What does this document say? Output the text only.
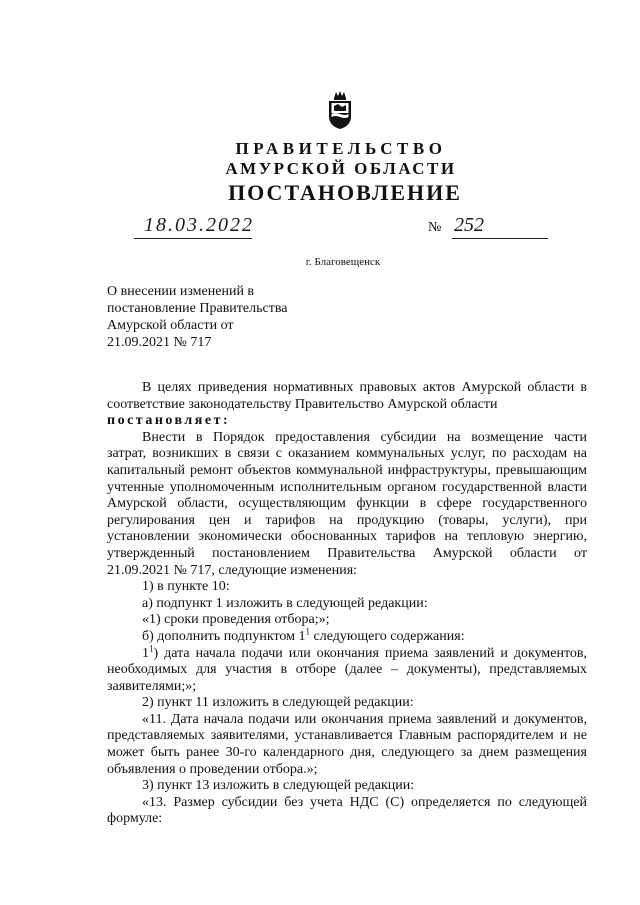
ПРАВИТЕЛЬСТВО
АМУРСКОЙ ОБЛАСТИ
ПОСТАНОВЛЕНИЕ
18.03.2022	№ 252
г. Благовещенск
О внесении изменений в
постановление Правительства
Амурской области от
21.09.2021 № 717
В целях приведения нормативных правовых актов Амурской области в
соответствие законодательству Правительство Амурской области
постановляет:
Внести в Порядок предоставления субсидии на возмещение части
затрат, возникших в связи с оказанием коммунальных услуг, по расходам на
капитальный ремонт объектов коммунальной инфраструктуры, превышающим
учтенные уполномоченным исполнительным органом государственной власти
Амурской области, осуществляющим функции в сфере государственного
регулирования цен и тарифов на продукцию (товары, услуги), при
установлении экономически обоснованных тарифов на тепловую энергию,
утвержденный постановлением Правительства Амурской области от
21.09.2021 № 717, следующие изменения:
1) в пункте 10:
а) подпункт 1 изложить в следующей редакции:
«1) сроки проведения отбора;»;
б) дополнить подпунктом $1^1$ следующего содержания:
$1^1$) дата начала подачи или окончания приема заявлений и документов,
необходимых для участия в отборе (далее – документы), представляемых
заявителями;»;
2) пункт 11 изложить в следующей редакции:
«11. Дата начала подачи или окончания приема заявлений и документов,
представляемых заявителями, устанавливается Главным распорядителем и не
может быть ранее 30-го календарного дня, следующего за днем размещения
объявления о проведении отбора.»;
3) пункт 13 изложить в следующей редакции:
«13. Размер субсидии без учета НДС (С) определяется по следующей
формуле:
